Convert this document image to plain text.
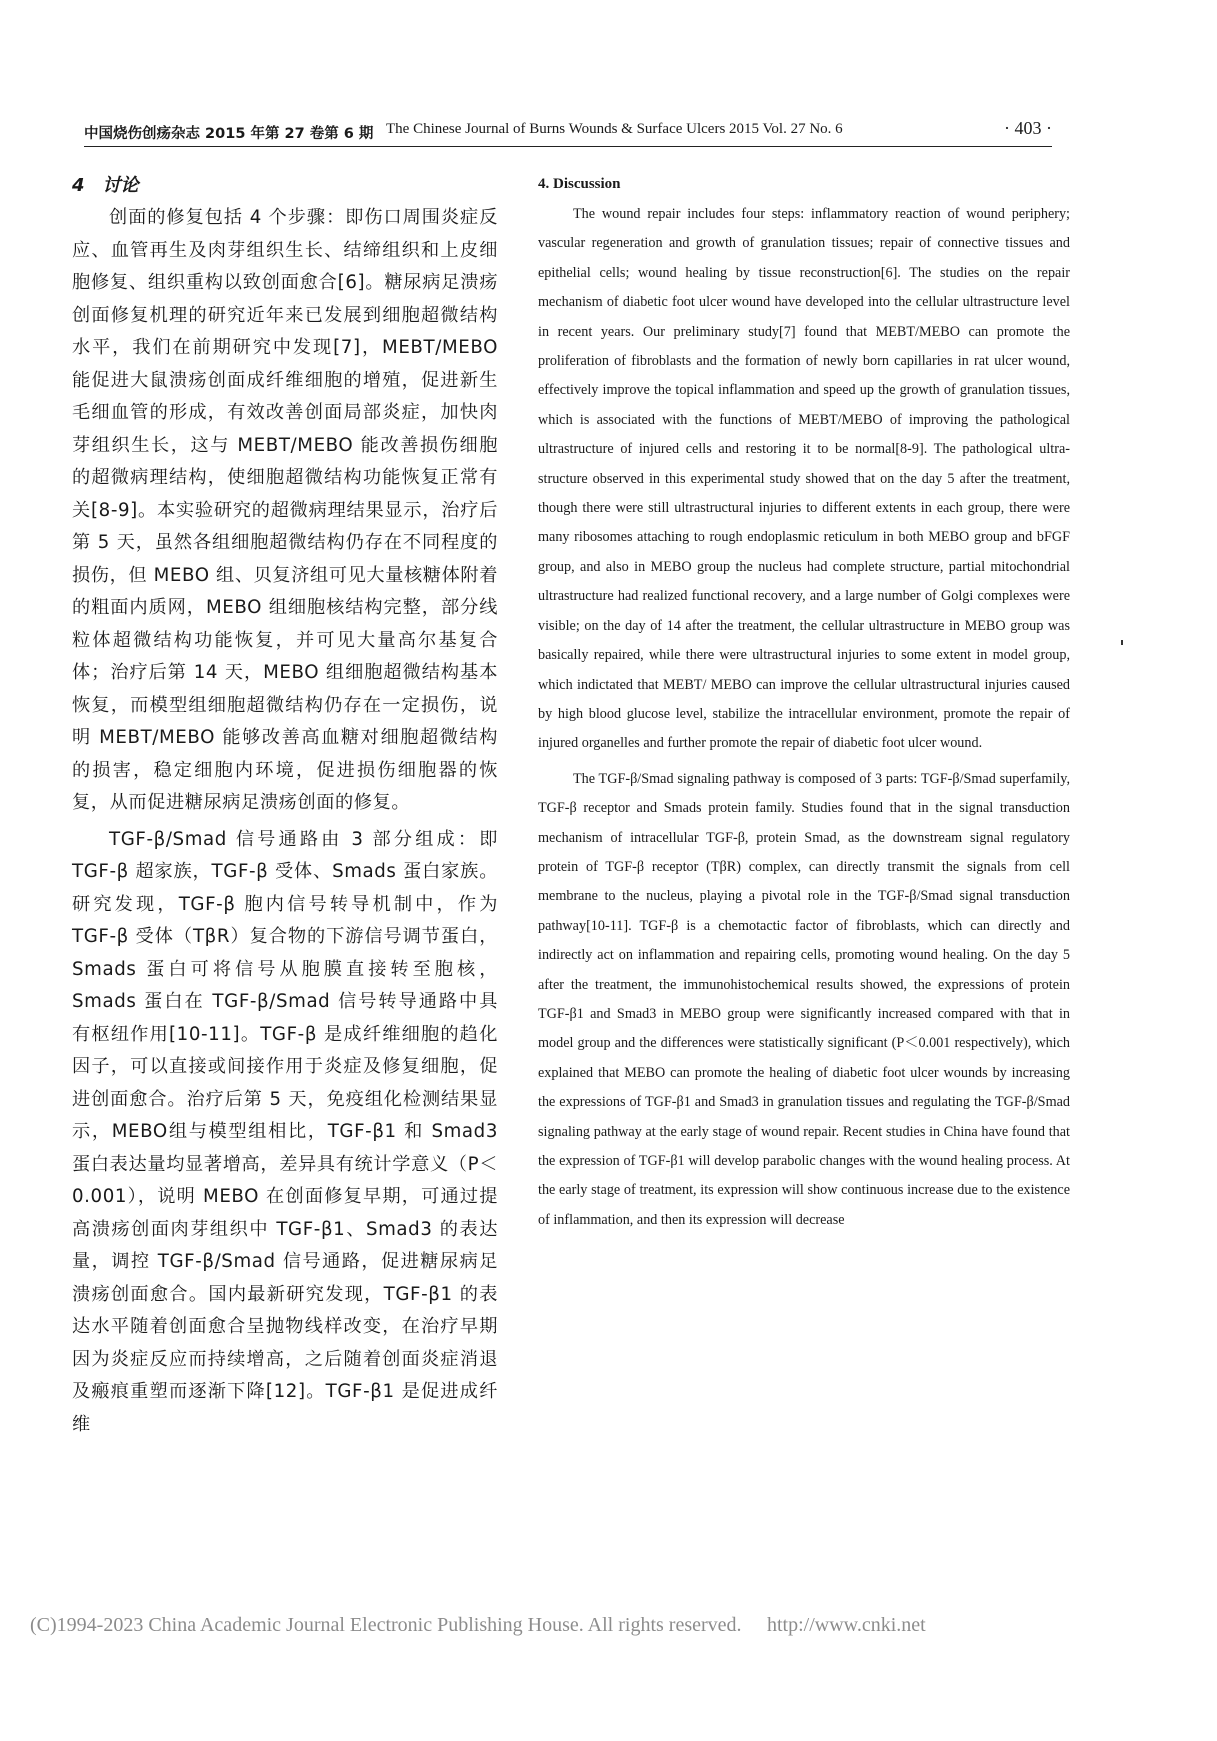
中国烧伤创疡杂志 2015 年第 27 卷第 6 期 The Chinese Journal of Burns Wounds & Surface Ulcers 2015 Vol. 27 No. 6	· 403 ·
4 讨论

创面的修复包括 4 个步骤：即伤口周围炎症反应、血管再生及肉芽组织生长、结缔组织和上皮细胞修复、组织重构以致创面愈合[6]。糖尿病足溃疡创面修复机理的研究近年来已发展到细胞超微结构水平，我们在前期研究中发现[7]，MEBT/MEBO 能促进大鼠溃疡创面成纤维细胞的增殖，促进新生毛细血管的形成，有效改善创面局部炎症，加快肉芽组织生长，这与 MEBT/MEBO 能改善损伤细胞的超微病理结构，使细胞超微结构功能恢复正常有关[8-9]。本实验研究的超微病理结果显示，治疗后第 5 天，虽然各组细胞超微结构仍存在不同程度的损伤，但 MEBO 组、贝复济组可见大量核糖体附着的粗面内质网，MEBO 组细胞核结构完整，部分线粒体超微结构功能恢复，并可见大量高尔基复合体；治疗后第 14 天，MEBO 组细胞超微结构基本恢复，而模型组细胞超微结构仍存在一定损伤，说明 MEBT/MEBO 能够改善高血糖对细胞超微结构的损害，稳定细胞内环境，促进损伤细胞器的恢复，从而促进糖尿病足溃疡创面的修复。

TGF-β/Smad 信号通路由 3 部分组成：即 TGF-β 超家族，TGF-β 受体、Smads 蛋白家族。研究发现，TGF-β 胞内信号转导机制中，作为 TGF-β 受体（TβR）复合物的下游信号调节蛋白，Smads 蛋白可将信号从胞膜直接转至胞核，Smads 蛋白在 TGF-β/Smad 信号转导通路中具有枢纽作用[10-11]。TGF-β 是成纤维细胞的趋化因子，可以直接或间接作用于炎症及修复细胞，促进创面愈合。治疗后第 5 天，免疫组化检测结果显示，MEBO组与模型组相比，TGF-β1 和 Smad3 蛋白表达量均显著增高，差异具有统计学意义（P＜0.001），说明 MEBO 在创面修复早期，可通过提高溃疡创面肉芽组织中 TGF-β1、Smad3 的表达量，调控 TGF-β/Smad 信号通路，促进糖尿病足溃疡创面愈合。国内最新研究发现，TGF-β1 的表达水平随着创面愈合呈抛物线样改变，在治疗早期因为炎症反应而持续增高，之后随着创面炎症消退及瘢痕重塑而逐渐下降[12]。TGF-β1 是促进成纤维

4. Discussion

The wound repair includes four steps: inflammatory reaction of wound periphery; vascular regeneration and growth of granulation tissues; repair of connective tissues and epithelial cells; wound healing by tissue reconstruction[6]. The studies on the repair mechanism of diabetic foot ulcer wound have developed into the cellular ultrastructure level in recent years. Our preliminary study[7] found that MEBT/MEBO can promote the proliferation of fibroblasts and the formation of newly born capillaries in rat ulcer wound, effectively improve the topical inflammation and speed up the growth of granulation tissues, which is associated with the functions of MEBT/MEBO of improving the pathological ultrastructure of injured cells and restoring it to be normal[8-9]. The pathological ultra-structure observed in this experimental study showed that on the day 5 after the treatment, though there were still ultrastructural injuries to different extents in each group, there were many ribosomes attaching to rough endoplasmic reticulum in both MEBO group and bFGF group, and also in MEBO group the nucleus had complete structure, partial mitochondrial ultrastructure had realized functional recovery, and a large number of Golgi complexes were visible; on the day of 14 after the treatment, the cellular ultrastructure in MEBO group was basically repaired, while there were ultrastructural injuries to some extent in model group, which indictated that MEBT/ MEBO can improve the cellular ultrastructural injuries caused by high blood glucose level, stabilize the intracellular environment, promote the repair of injured organelles and further promote the repair of diabetic foot ulcer wound.

The TGF-β/Smad signaling pathway is composed of 3 parts: TGF-β/Smad superfamily, TGF-β receptor and Smads protein family. Studies found that in the signal transduction mechanism of intracellular TGF-β, protein Smad, as the downstream signal regulatory protein of TGF-β receptor (TβR) complex, can directly transmit the signals from cell membrane to the nucleus, playing a pivotal role in the TGF-β/Smad signal transduction pathway[10-11]. TGF-β is a chemotactic factor of fibroblasts, which can directly and indirectly act on inflammation and repairing cells, promoting wound healing. On the day 5 after the treatment, the immunohistochemical results showed, the expressions of protein TGF-β1 and Smad3 in MEBO group were significantly increased compared with that in model group and the differences were statistically significant (P＜0.001 respectively), which explained that MEBO can promote the healing of diabetic foot ulcer wounds by increasing the expressions of TGF-β1 and Smad3 in granulation tissues and regulating the TGF-β/Smad signaling pathway at the early stage of wound repair. Recent studies in China have found that the expression of TGF-β1 will develop parabolic changes with the wound healing process. At the early stage of treatment, its expression will show continuous increase due to the existence of inflammation, and then its expression will decrease

(C)1994-2023 China Academic Journal Electronic Publishing House. All rights reserved. http://www.cnki.net
